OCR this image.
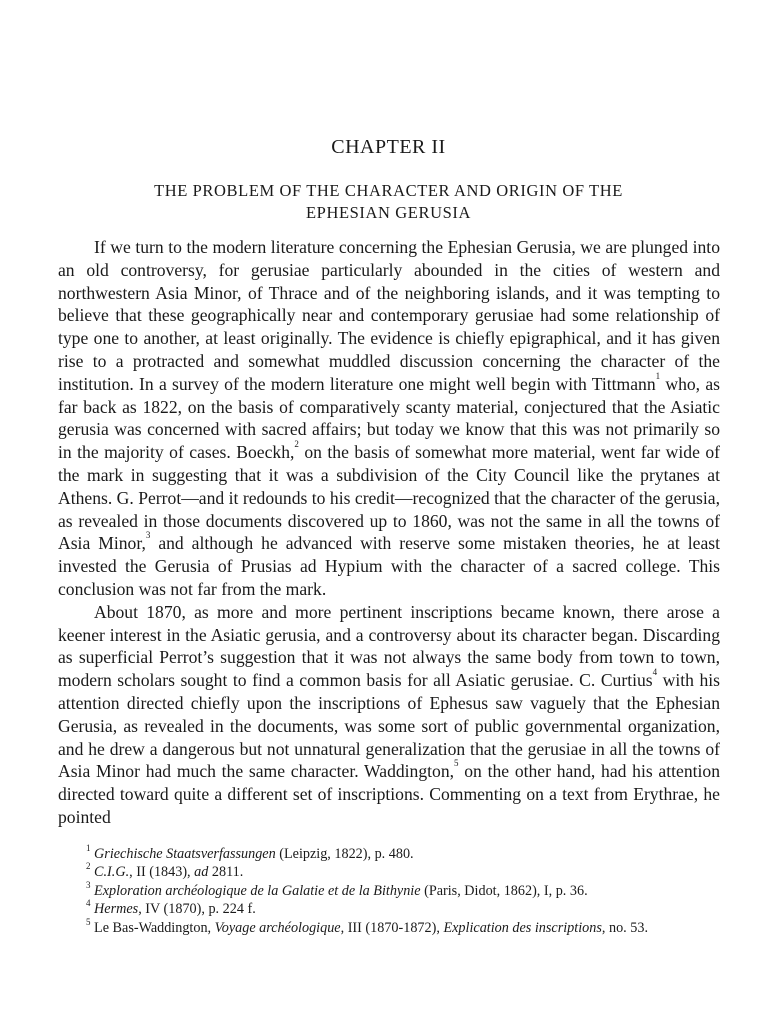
CHAPTER II
THE PROBLEM OF THE CHARACTER AND ORIGIN OF THE
EPHESIAN GERUSIA

If we turn to the modern literature concerning the Ephesian Gerusia, we are plunged into an old controversy, for gerusiae particularly abounded in the cities of western and northwestern Asia Minor, of Thrace and of the neighboring islands, and it was tempting to believe that these geographically near and contemporary gerusiae had some relationship of type one to another, at least originally. The evidence is chiefly epigraphical, and it has given rise to a protracted and somewhat muddled discussion concerning the character of the institution. In a survey of the modern literature one might well begin with Tittmann$^1$ who, as far back as 1822, on the basis of comparatively scanty material, conjectured that the Asiatic gerusia was concerned with sacred affairs; but today we know that this was not primarily so in the majority of cases. Boeckh,$^2$ on the basis of somewhat more material, went far wide of the mark in suggesting that it was a subdivision of the City Council like the prytanes at Athens. G. Perrot—and it redounds to his credit—recognized that the character of the gerusia, as revealed in those documents discovered up to 1860, was not the same in all the towns of Asia Minor,$^3$ and although he advanced with reserve some mistaken theories, he at least invested the Gerusia of Prusias ad Hypium with the character of a sacred college. This conclusion was not far from the mark.

About 1870, as more and more pertinent inscriptions became known, there arose a keener interest in the Asiatic gerusia, and a controversy about its character began. Discarding as superficial Perrot’s suggestion that it was not always the same body from town to town, modern scholars sought to find a common basis for all Asiatic gerusiae. C. Curtius$^4$ with his attention directed chiefly upon the inscriptions of Ephesus saw vaguely that the Ephesian Gerusia, as revealed in the documents, was some sort of public governmental organization, and he drew a dangerous but not unnatural generalization that the gerusiae in all the towns of Asia Minor had much the same character. Waddington,$^5$ on the other hand, had his attention directed toward quite a different set of inscriptions. Commenting on a text from Erythrae, he pointed

$^1$ Griechische Staatsverfassungen (Leipzig, 1822), p. 480.

$^2$ C.I.G., II (1843), ad 2811.

$^3$ Exploration archéologique de la Galatie et de la Bithynie (Paris, Didot, 1862), I, p. 36.

$^4$ Hermes, IV (1870), p. 224 f.

$^5$ Le Bas-Waddington, Voyage archéologique, III (1870-1872), Explication des inscriptions, no. 53.
